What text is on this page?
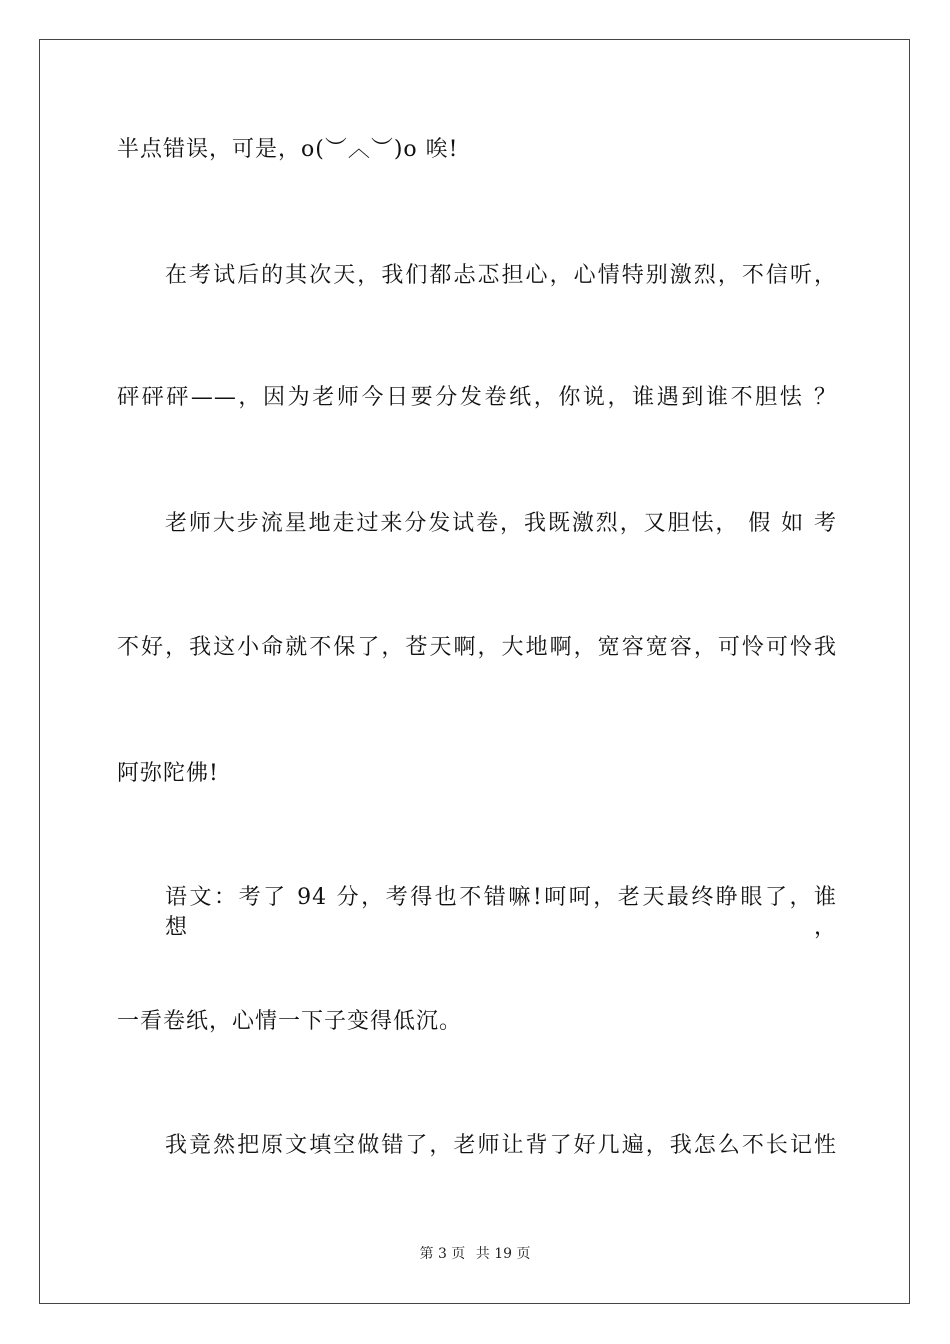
半点错误，可是，o(︶︿︶)o 唉!
在考试后的其次天，我们都忐忑担心，心情特别激烈，不信听，
砰砰砰——，因为老师今日要分发卷纸，你说，谁遇到谁不胆怯 ？
老师大步流星地走过来分发试卷，我既激烈，又胆怯， 假 如 考
不好，我这小命就不保了，苍天啊，大地啊，宽容宽容，可怜可怜我
阿弥陀佛!
语文：考了 94 分，考得也不错嘛!呵呵，老天最终睁眼了，谁想，
一看卷纸，心情一下子变得低沉。
我竟然把原文填空做错了，老师让背了好几遍，我怎么不长记性
第 3 页 共 19 页
